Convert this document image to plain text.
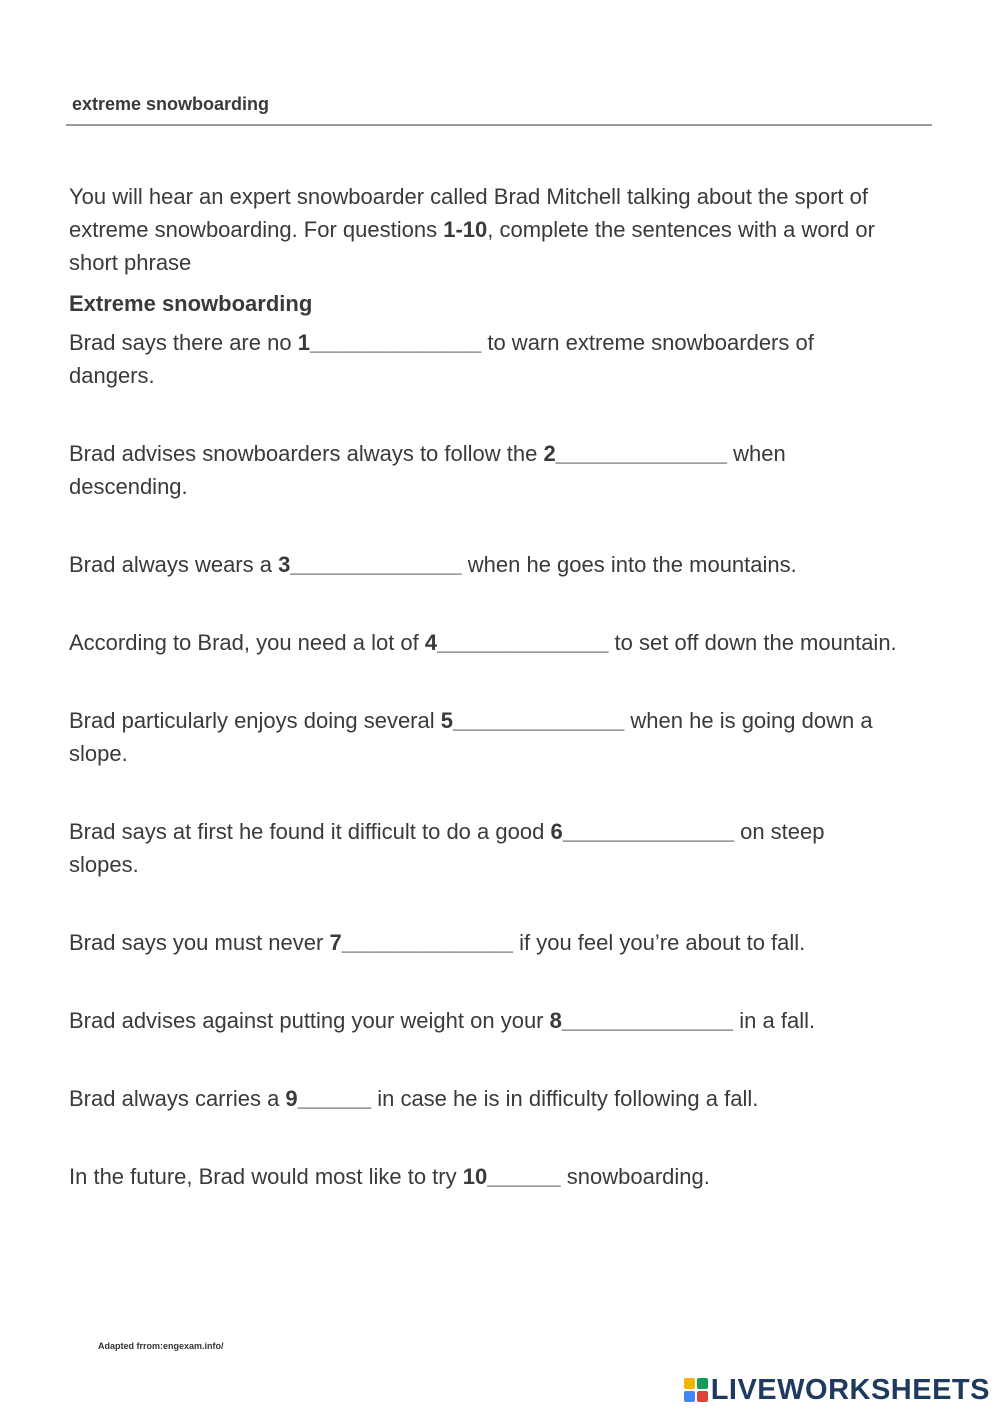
extreme snowboarding

You will hear an expert snowboarder called Brad Mitchell talking about the sport of extreme snowboarding. For questions 1-10, complete the sentences with a word or short phrase

Extreme snowboarding

Brad says there are no 1______________ to warn extreme snowboarders of dangers.

Brad advises snowboarders always to follow the 2______________ when descending.

Brad always wears a 3______________ when he goes into the mountains.

According to Brad, you need a lot of 4______________ to set off down the mountain.

Brad particularly enjoys doing several 5______________ when he is going down a slope.

Brad says at first he found it difficult to do a good 6______________ on steep slopes.

Brad says you must never 7______________ if you feel you’re about to fall.

Brad advises against putting your weight on your 8______________ in a fall.

Brad always carries a 9______ in case he is in difficulty following a fall.

In the future, Brad would most like to try 10______ snowboarding.

Adapted frrom:engexam.info/
LIVEWORKSHEETS
